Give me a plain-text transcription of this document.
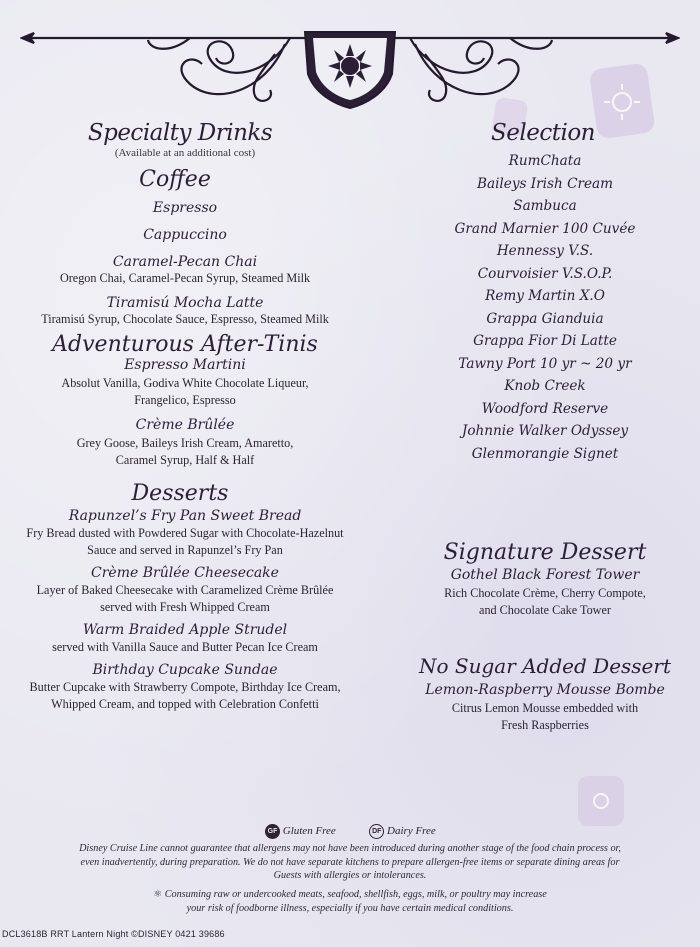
Specialty Drinks
(Available at an additional cost)
Coffee
Espresso
Cappuccino
Caramel-Pecan Chai
Oregon Chai, Caramel-Pecan Syrup, Steamed Milk
Tiramisú Mocha Latte
Tiramisú Syrup, Chocolate Sauce, Espresso, Steamed Milk
Adventurous After-Tinis
Espresso Martini
Absolut Vanilla, Godiva White Chocolate Liqueur,
Frangelico, Espresso
Crème Brûlée
Grey Goose, Baileys Irish Cream, Amaretto,
Caramel Syrup, Half & Half
Desserts
Rapunzel’s Fry Pan Sweet Bread
Fry Bread dusted with Powdered Sugar with Chocolate-Hazelnut
Sauce and served in Rapunzel’s Fry Pan
Crème Brûlée Cheesecake
Layer of Baked Cheesecake with Caramelized Crème Brûlée
served with Fresh Whipped Cream
Warm Braided Apple Strudel
served with Vanilla Sauce and Butter Pecan Ice Cream
Birthday Cupcake Sundae
Butter Cupcake with Strawberry Compote, Birthday Ice Cream,
Whipped Cream, and topped with Celebration Confetti
Selection
RumChata
Baileys Irish Cream
Sambuca
Grand Marnier 100 Cuvée
Hennessy V.S.
Courvoisier V.S.O.P.
Remy Martin X.O
Grappa Gianduia
Grappa Fior Di Latte
Tawny Port 10 yr ~ 20 yr
Knob Creek
Woodford Reserve
Johnnie Walker Odyssey
Glenmorangie Signet
Signature Dessert
Gothel Black Forest Tower
Rich Chocolate Crème, Cherry Compote,
and Chocolate Cake Tower
No Sugar Added Dessert
Lemon-Raspberry Mousse Bombe
Citrus Lemon Mousse embedded with
Fresh Raspberries
GF Gluten Free	DF Dairy Free
Disney Cruise Line cannot guarantee that allergens may not have been introduced during another stage of the food chain process or,
even inadvertently, during preparation. We do not have separate kitchens to prepare allergen-free items or separate dining areas for
Guests with allergies or intolerances.
⚛ Consuming raw or undercooked meats, seafood, shellfish, eggs, milk, or poultry may increase
your risk of foodborne illness, especially if you have certain medical conditions.
DCL3618B RRT Lantern Night ©DISNEY 0421 39686
